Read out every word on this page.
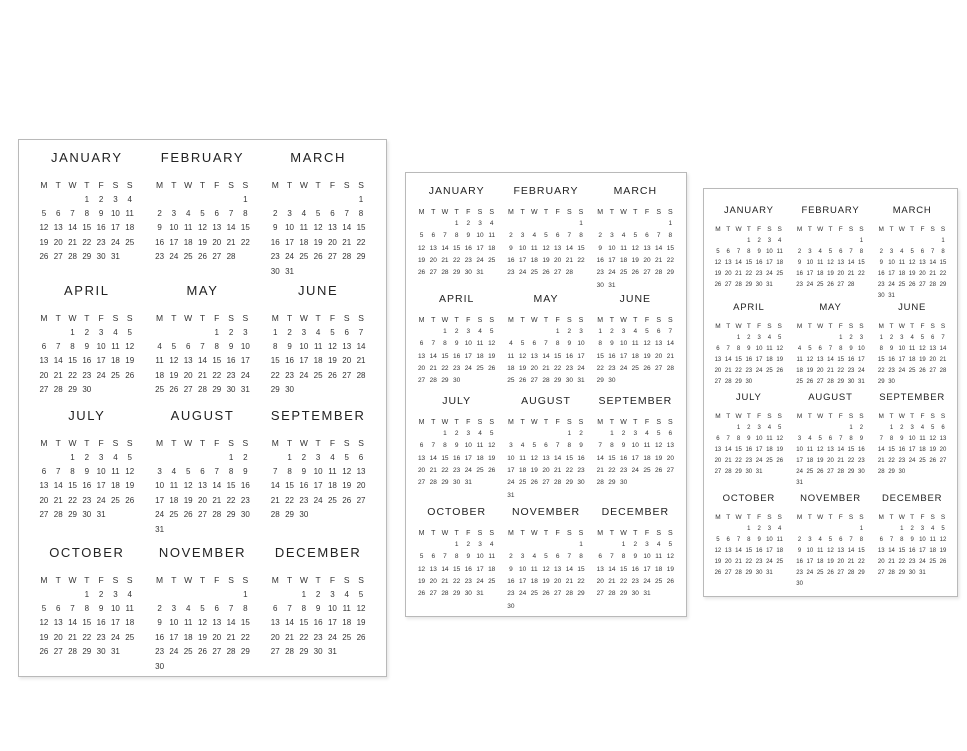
JANUARY
M T W T F S S
1 2 3 4
5 6 7 8 9 10 11
12 13 14 15 16 17 18
19 20 21 22 23 24 25
26 27 28 29 30 31
FEBRUARY
M T W T F S S
1
2 3 4 5 6 7 8
9 10 11 12 13 14 15
16 17 18 19 20 21 22
23 24 25 26 27 28
MARCH
M T W T F S S
1
2 3 4 5 6 7 8
9 10 11 12 13 14 15
16 17 18 19 20 21 22
23 24 25 26 27 28 29
30 31
APRIL
M T W T F S S
1 2 3 4 5
6 7 8 9 10 11 12
13 14 15 16 17 18 19
20 21 22 23 24 25 26
27 28 29 30
MAY
M T W T F S S
1 2 3
4 5 6 7 8 9 10
11 12 13 14 15 16 17
18 19 20 21 22 23 24
25 26 27 28 29 30 31
JUNE
M T W T F S S
1 2 3 4 5 6 7
8 9 10 11 12 13 14
15 16 17 18 19 20 21
22 23 24 25 26 27 28
29 30
JULY
M T W T F S S
1 2 3 4 5
6 7 8 9 10 11 12
13 14 15 16 17 18 19
20 21 22 23 24 25 26
27 28 29 30 31
AUGUST
M T W T F S S
1 2
3 4 5 6 7 8 9
10 11 12 13 14 15 16
17 18 19 20 21 22 23
24 25 26 27 28 29 30
31
SEPTEMBER
M T W T F S S
1 2 3 4 5 6
7 8 9 10 11 12 13
14 15 16 17 18 19 20
21 22 23 24 25 26 27
28 29 30
OCTOBER
M T W T F S S
1 2 3 4
5 6 7 8 9 10 11
12 13 14 15 16 17 18
19 20 21 22 23 24 25
26 27 28 29 30 31
NOVEMBER
M T W T F S S
1
2 3 4 5 6 7 8
9 10 11 12 13 14 15
16 17 18 19 20 21 22
23 24 25 26 27 28 29
30
DECEMBER
M T W T F S S
1 2 3 4 5
6 7 8 9 10 11 12
13 14 15 16 17 18 19
20 21 22 23 24 25 26
27 28 29 30 31
JANUARY
M T W T F S S
1 2 3 4
5 6 7 8 9 10 11
12 13 14 15 16 17 18
19 20 21 22 23 24 25
26 27 28 29 30 31
FEBRUARY
M T W T F S S
1
2 3 4 5 6 7 8
9 10 11 12 13 14 15
16 17 18 19 20 21 22
23 24 25 26 27 28
MARCH
M T W T F S S
1
2 3 4 5 6 7 8
9 10 11 12 13 14 15
16 17 18 19 20 21 22
23 24 25 26 27 28 29
30 31
APRIL
M T W T F S S
1 2 3 4 5
6 7 8 9 10 11 12
13 14 15 16 17 18 19
20 21 22 23 24 25 26
27 28 29 30
MAY
M T W T F S S
1 2 3
4 5 6 7 8 9 10
11 12 13 14 15 16 17
18 19 20 21 22 23 24
25 26 27 28 29 30 31
JUNE
M T W T F S S
1 2 3 4 5 6 7
8 9 10 11 12 13 14
15 16 17 18 19 20 21
22 23 24 25 26 27 28
29 30
JULY
M T W T F S S
1 2 3 4 5
6 7 8 9 10 11 12
13 14 15 16 17 18 19
20 21 22 23 24 25 26
27 28 29 30 31
AUGUST
M T W T F S S
1 2
3 4 5 6 7 8 9
10 11 12 13 14 15 16
17 18 19 20 21 22 23
24 25 26 27 28 29 30
31
SEPTEMBER
M T W T F S S
1 2 3 4 5 6
7 8 9 10 11 12 13
14 15 16 17 18 19 20
21 22 23 24 25 26 27
28 29 30
OCTOBER
M T W T F S S
1 2 3 4
5 6 7 8 9 10 11
12 13 14 15 16 17 18
19 20 21 22 23 24 25
26 27 28 29 30 31
NOVEMBER
M T W T F S S
1
2 3 4 5 6 7 8
9 10 11 12 13 14 15
16 17 18 19 20 21 22
23 24 25 26 27 28 29
30
DECEMBER
M T W T F S S
1 2 3 4 5
6 7 8 9 10 11 12
13 14 15 16 17 18 19
20 21 22 23 24 25 26
27 28 29 30 31
JANUARY
M T W T F S S
1 2 3 4
5 6 7 8 9 10 11
12 13 14 15 16 17 18
19 20 21 22 23 24 25
26 27 28 29 30 31
FEBRUARY
M T W T F S S
1
2 3 4 5 6 7 8
9 10 11 12 13 14 15
16 17 18 19 20 21 22
23 24 25 26 27 28
MARCH
M T W T F S S
1
2 3 4 5 6 7 8
9 10 11 12 13 14 15
16 17 18 19 20 21 22
23 24 25 26 27 28 29
30 31
APRIL
M T W T F S S
1 2 3 4 5
6 7 8 9 10 11 12
13 14 15 16 17 18 19
20 21 22 23 24 25 26
27 28 29 30
MAY
M T W T F S S
1 2 3
4 5 6 7 8 9 10
11 12 13 14 15 16 17
18 19 20 21 22 23 24
25 26 27 28 29 30 31
JUNE
M T W T F S S
1 2 3 4 5 6 7
8 9 10 11 12 13 14
15 16 17 18 19 20 21
22 23 24 25 26 27 28
29 30
JULY
M T W T F S S
1 2 3 4 5
6 7 8 9 10 11 12
13 14 15 16 17 18 19
20 21 22 23 24 25 26
27 28 29 30 31
AUGUST
M T W T F S S
1 2
3 4 5 6 7 8 9
10 11 12 13 14 15 16
17 18 19 20 21 22 23
24 25 26 27 28 29 30
31
SEPTEMBER
M T W T F S S
1 2 3 4 5 6
7 8 9 10 11 12 13
14 15 16 17 18 19 20
21 22 23 24 25 26 27
28 29 30
OCTOBER
M T W T F S S
1 2 3 4
5 6 7 8 9 10 11
12 13 14 15 16 17 18
19 20 21 22 23 24 25
26 27 28 29 30 31
NOVEMBER
M T W T F S S
1
2 3 4 5 6 7 8
9 10 11 12 13 14 15
16 17 18 19 20 21 22
23 24 25 26 27 28 29
30
DECEMBER
M T W T F S S
1 2 3 4 5
6 7 8 9 10 11 12
13 14 15 16 17 18 19
20 21 22 23 24 25 26
27 28 29 30 31
